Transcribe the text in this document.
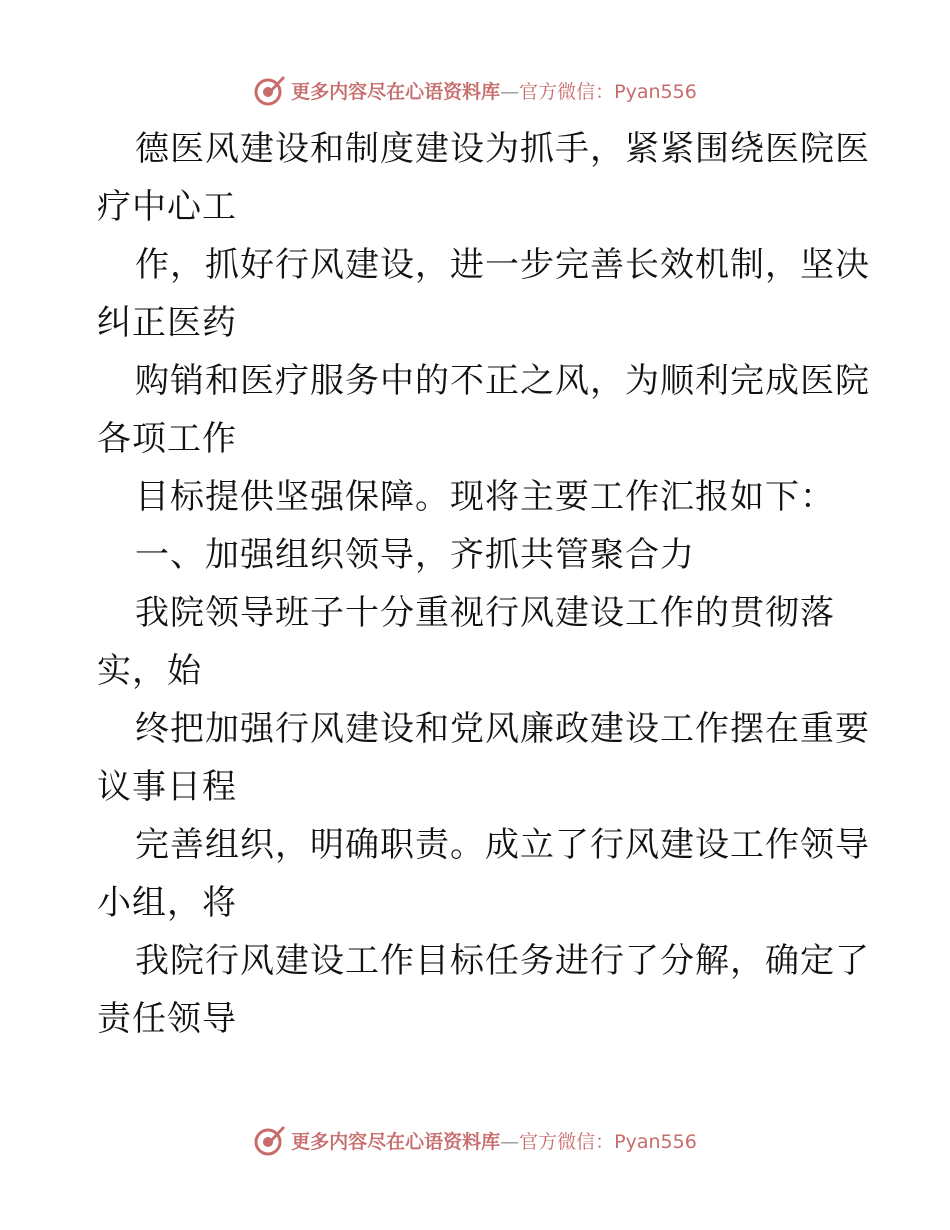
更多内容尽在心语资料库—官方微信：Pyan556
德医风建设和制度建设为抓手，紧紧围绕医院医
疗中心工
作，抓好行风建设，进一步完善长效机制，坚决
纠正医药
购销和医疗服务中的不正之风，为顺利完成医院
各项工作
目标提供坚强保障。现将主要工作汇报如下：
一、加强组织领导，齐抓共管聚合力
我院领导班子十分重视行风建设工作的贯彻落
实，始
终把加强行风建设和党风廉政建设工作摆在重要
议事日程
完善组织，明确职责。成立了行风建设工作领导
小组，将
我院行风建设工作目标任务进行了分解，确定了
责任领导
更多内容尽在心语资料库—官方微信：Pyan556
